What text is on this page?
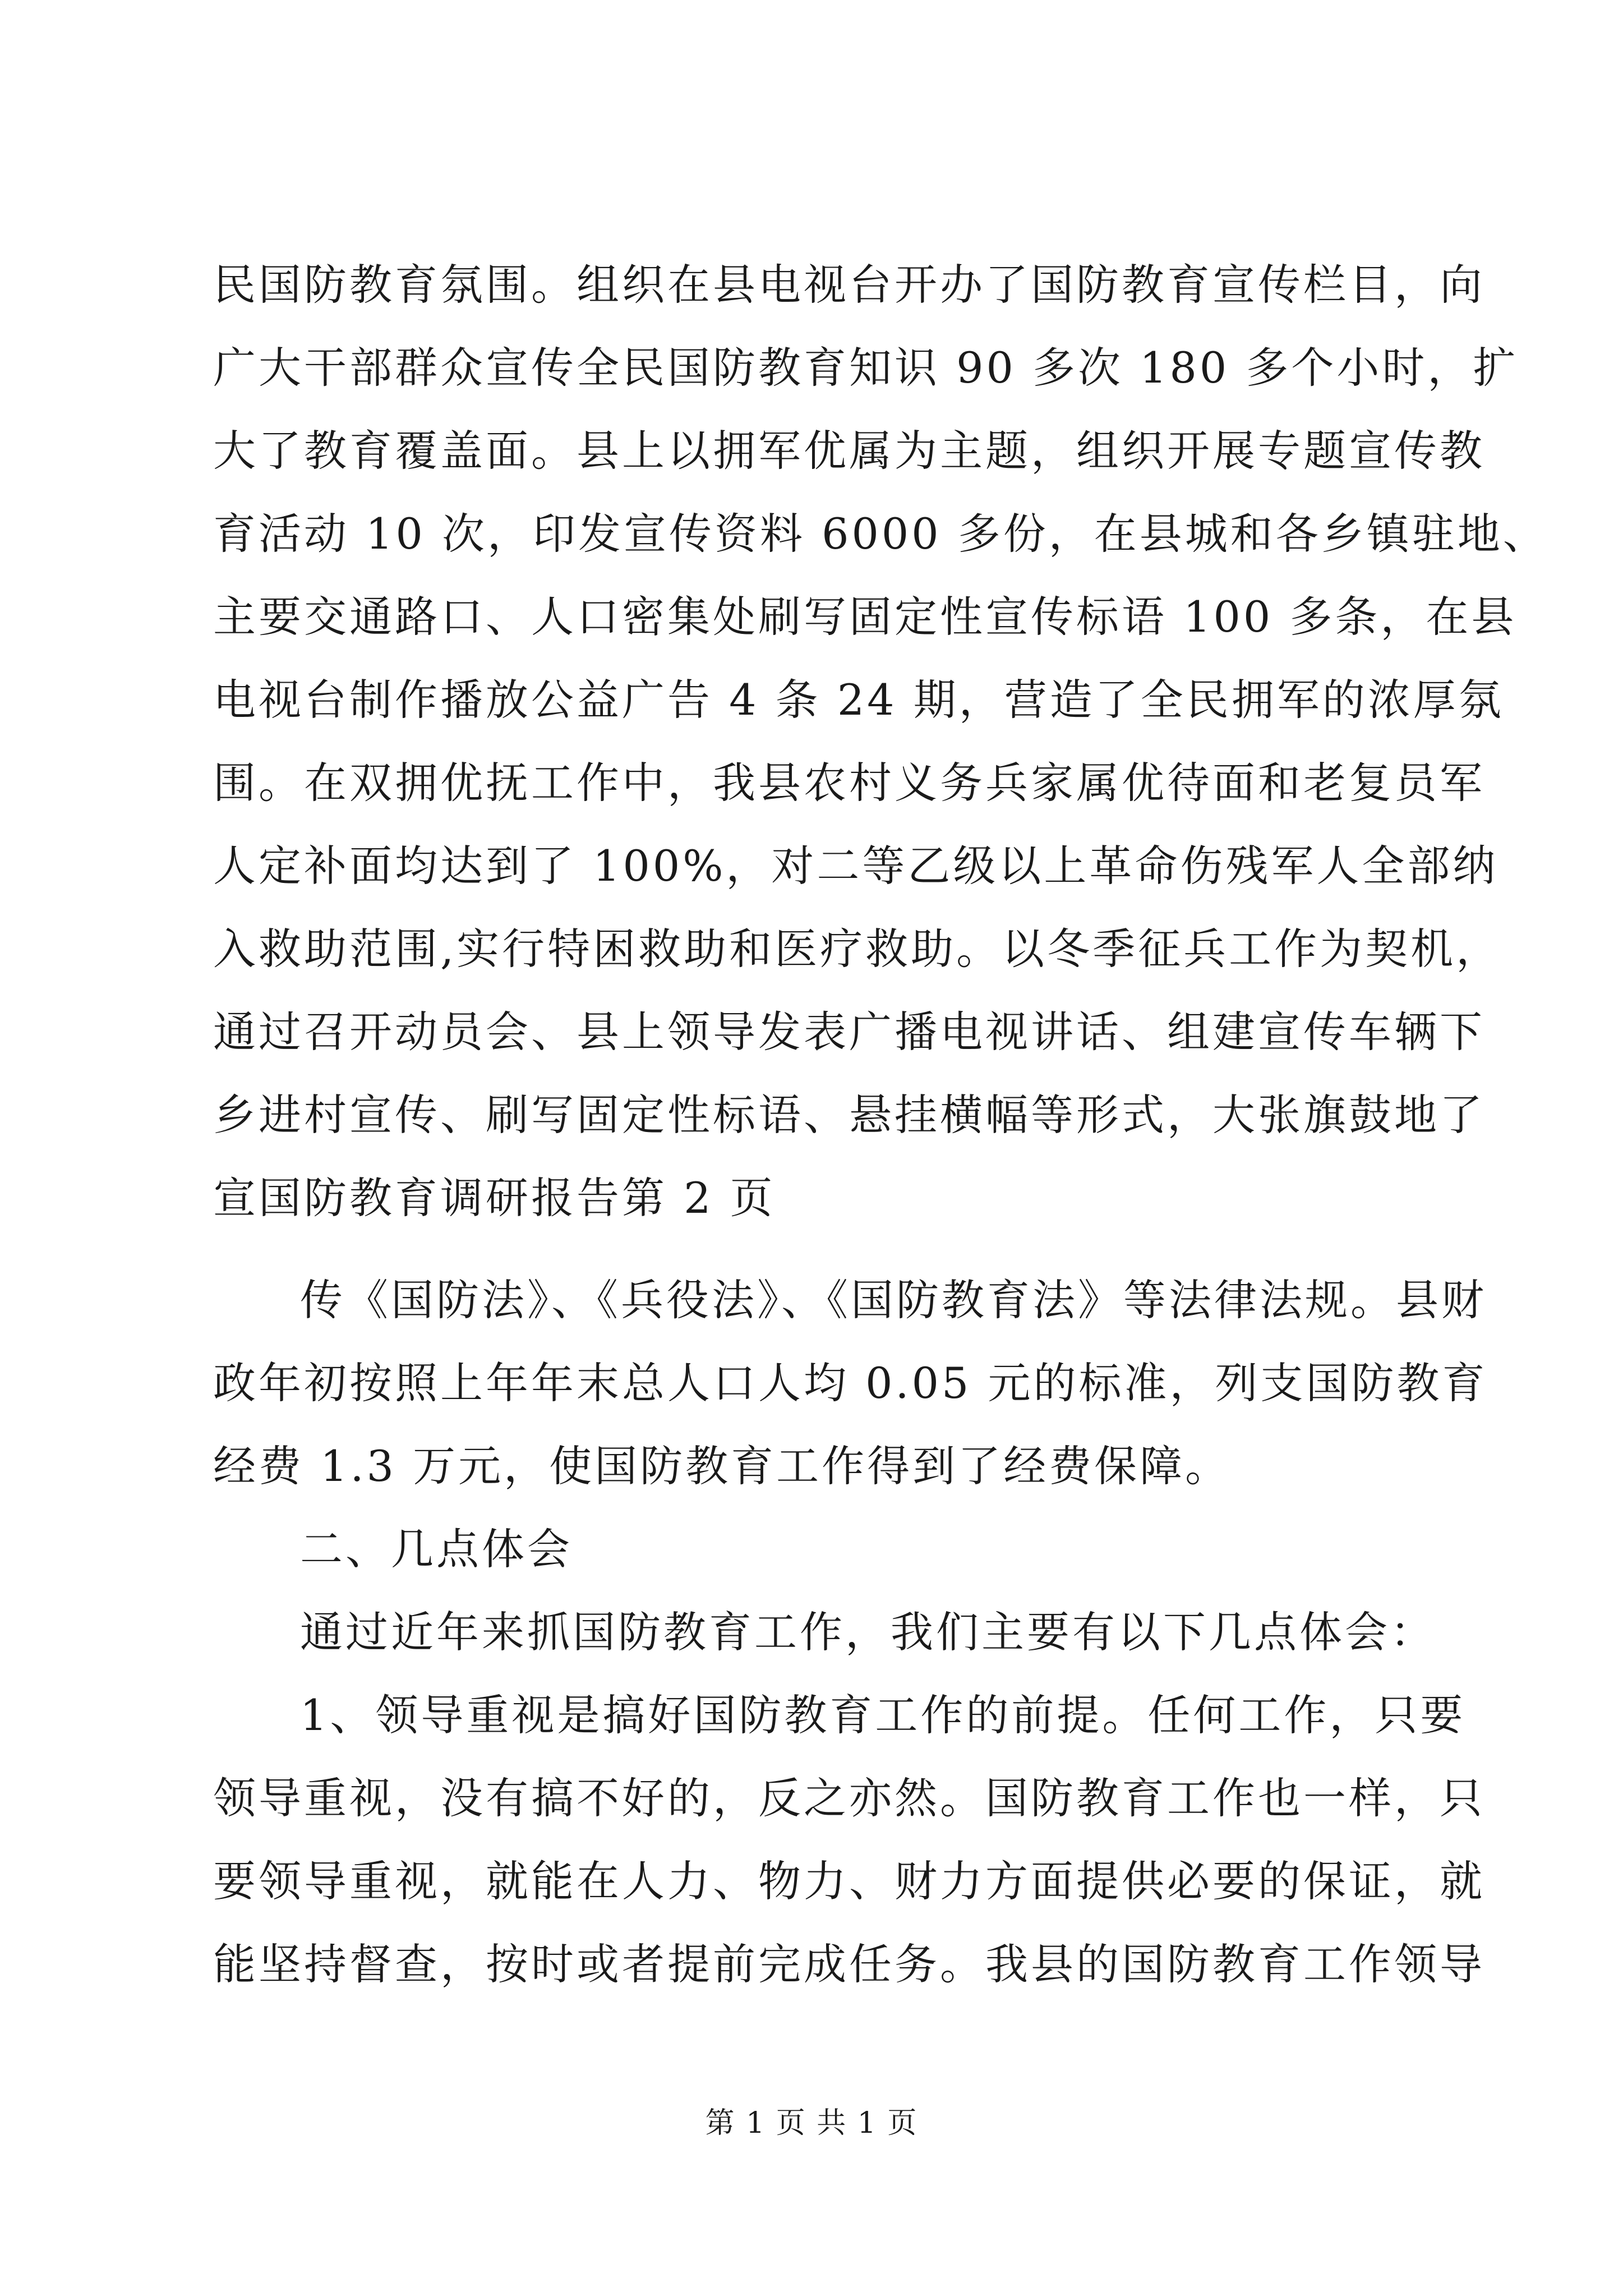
民国防教育氛围。组织在县电视台开办了国防教育宣传栏目，向
广大干部群众宣传全民国防教育知识 90 多次 180 多个小时，扩
大了教育覆盖面。县上以拥军优属为主题，组织开展专题宣传教
育活动 10 次，印发宣传资料 6000 多份，在县城和各乡镇驻地、
主要交通路口、人口密集处刷写固定性宣传标语 100 多条，在县
电视台制作播放公益广告 4 条 24 期，营造了全民拥军的浓厚氛
围。在双拥优抚工作中，我县农村义务兵家属优待面和老复员军
人定补面均达到了 100%，对二等乙级以上革命伤残军人全部纳
入救助范围,实行特困救助和医疗救助。以冬季征兵工作为契机，
通过召开动员会、县上领导发表广播电视讲话、组建宣传车辆下
乡进村宣传、刷写固定性标语、悬挂横幅等形式，大张旗鼓地了
宣国防教育调研报告第 2 页
传《国防法》、《兵役法》、《国防教育法》等法律法规。县财
政年初按照上年年末总人口人均 0.05 元的标准，列支国防教育
经费 1.3 万元，使国防教育工作得到了经费保障。
二、几点体会
通过近年来抓国防教育工作，我们主要有以下几点体会：
1、领导重视是搞好国防教育工作的前提。任何工作，只要
领导重视，没有搞不好的，反之亦然。国防教育工作也一样，只
要领导重视，就能在人力、物力、财力方面提供必要的保证，就
能坚持督查，按时或者提前完成任务。我县的国防教育工作领导
第 1 页 共 1 页
